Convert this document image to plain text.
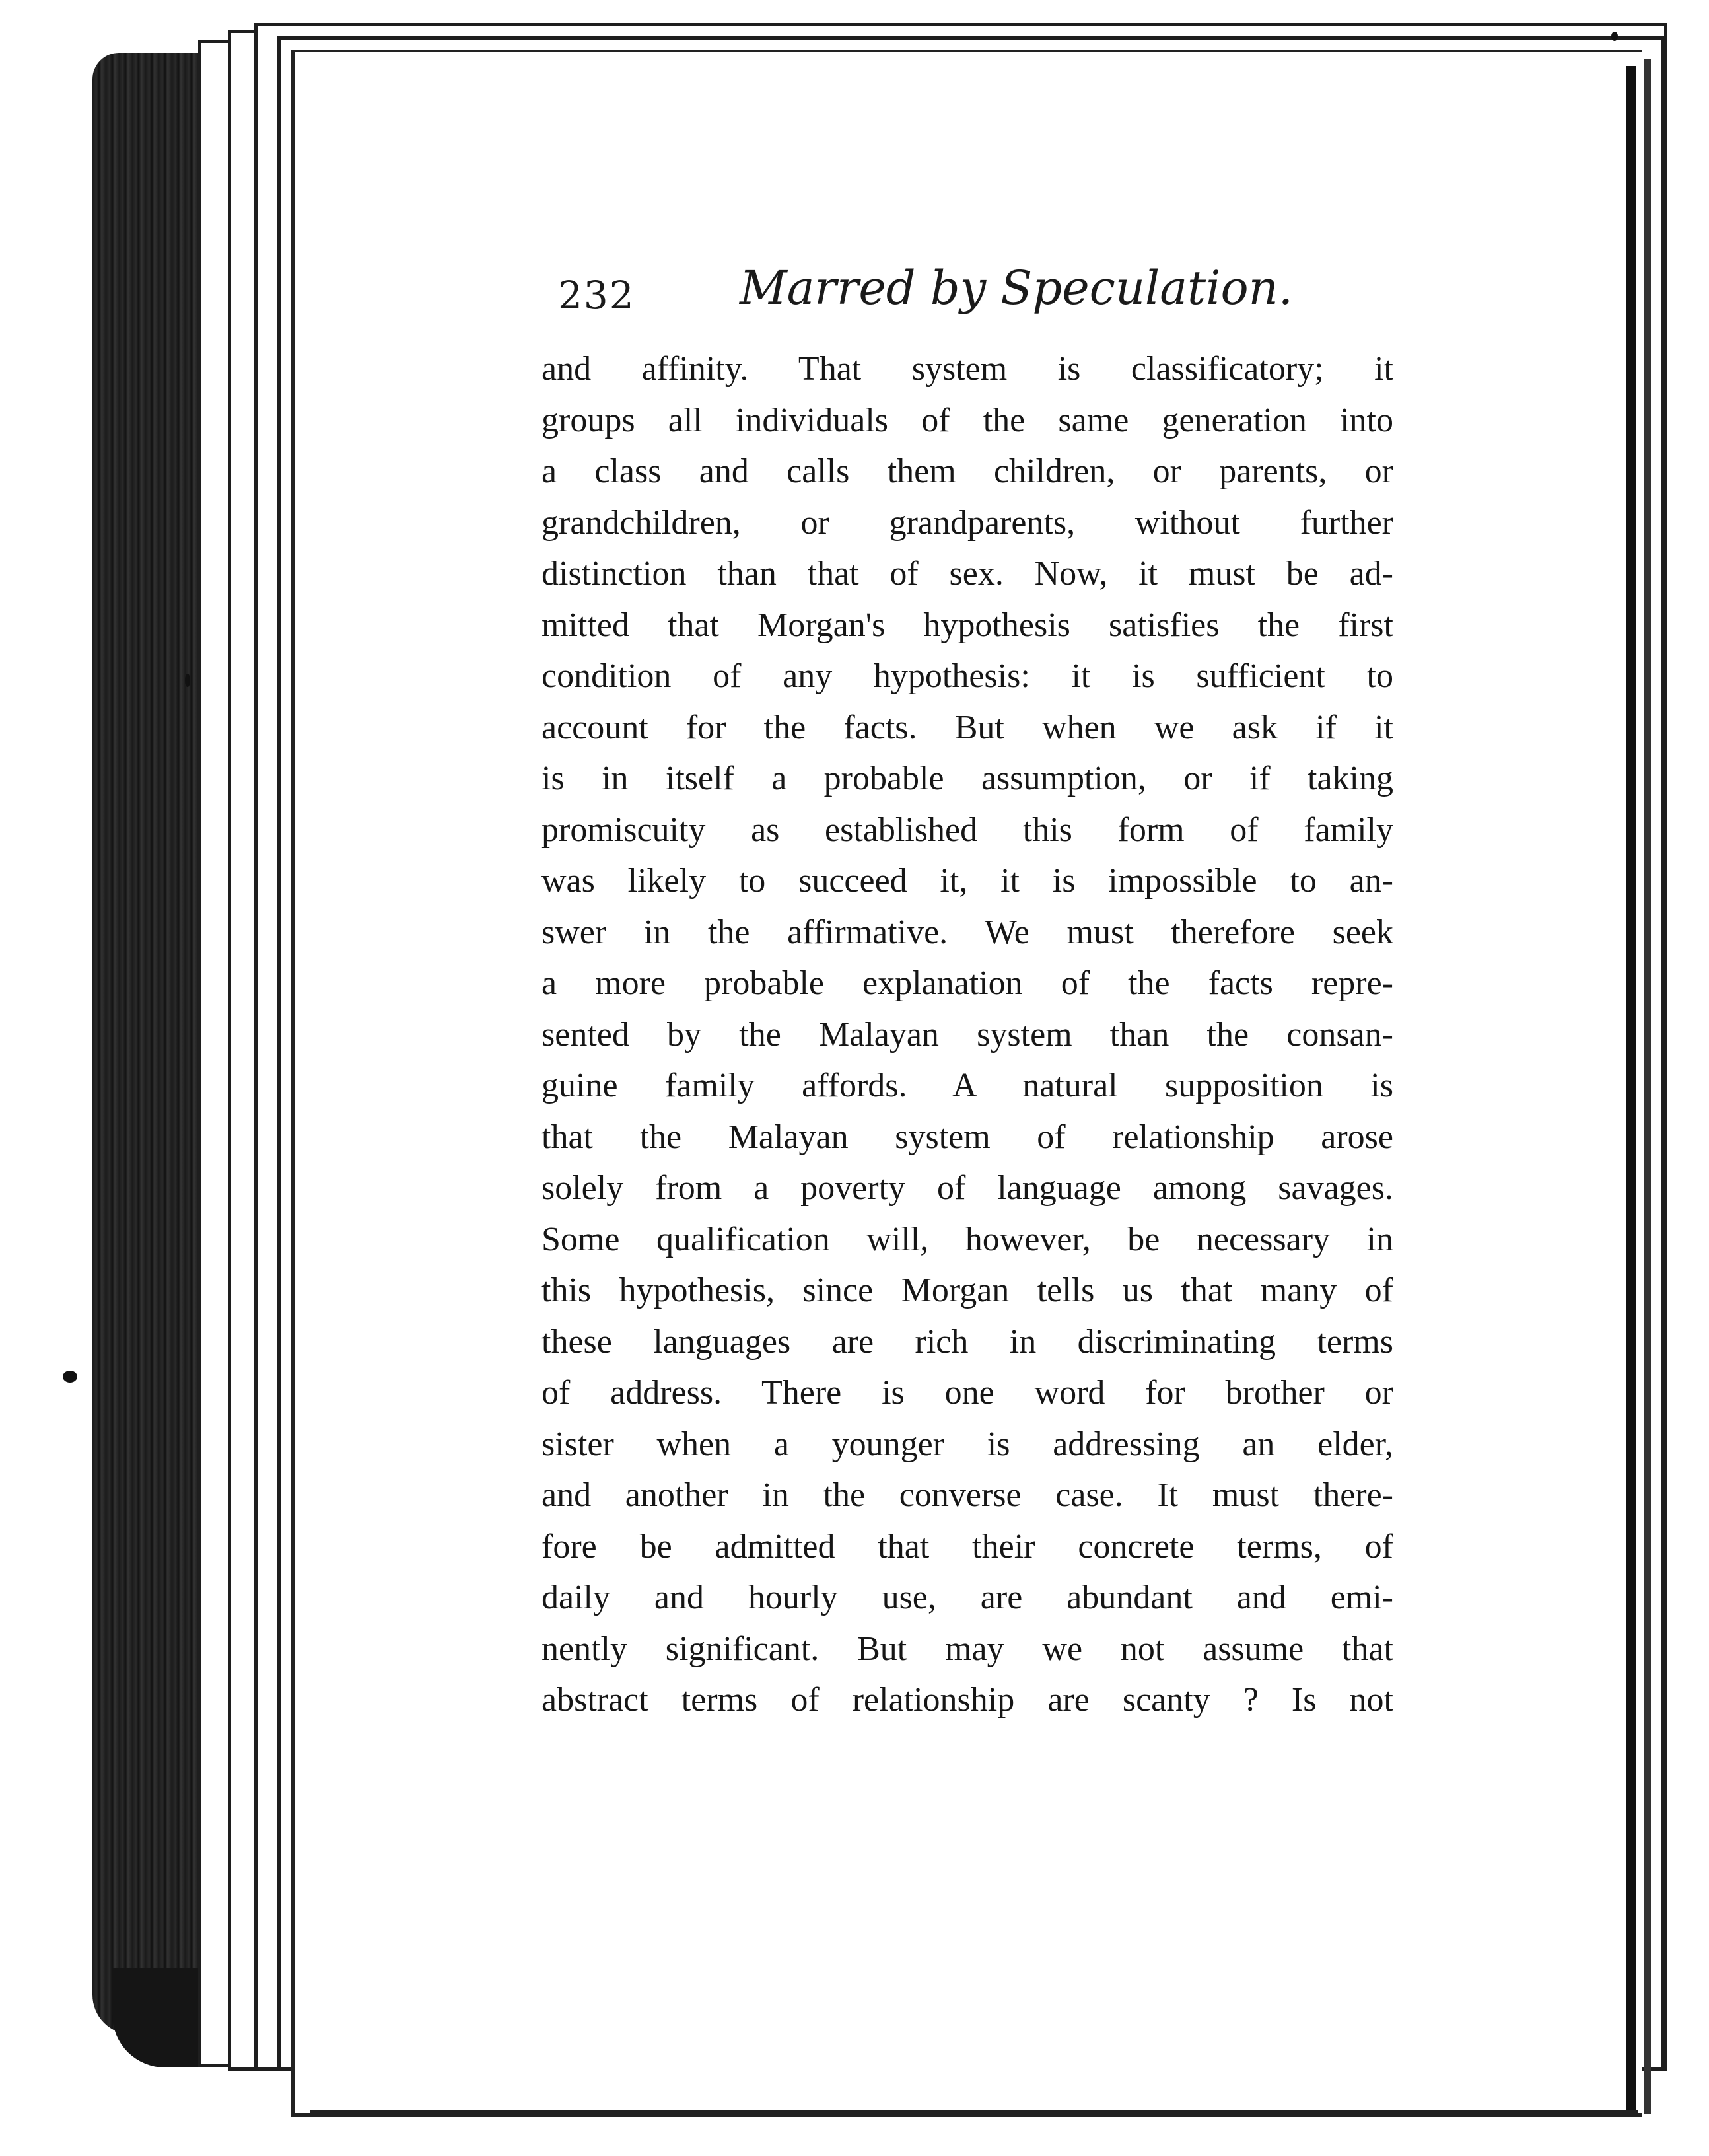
232 Marred by Speculation.
and affinity. That system is classificatory; it
groups all individuals of the same generation into
a class and calls them children, or parents, or
grandchildren, or grandparents, without further
distinction than that of sex. Now, it must be ad-
mitted that Morgan's hypothesis satisfies the first
condition of any hypothesis: it is sufficient to
account for the facts. But when we ask if it
is in itself a probable assumption, or if taking
promiscuity as established this form of family
was likely to succeed it, it is impossible to an-
swer in the affirmative. We must therefore seek
a more probable explanation of the facts repre-
sented by the Malayan system than the consan-
guine family affords. A natural supposition is
that the Malayan system of relationship arose
solely from a poverty of language among savages.
Some qualification will, however, be necessary in
this hypothesis, since Morgan tells us that many of
these languages are rich in discriminating terms
of address. There is one word for brother or
sister when a younger is addressing an elder,
and another in the converse case. It must there-
fore be admitted that their concrete terms, of
daily and hourly use, are abundant and emi-
nently significant. But may we not assume that
abstract terms of relationship are scanty ? Is not
